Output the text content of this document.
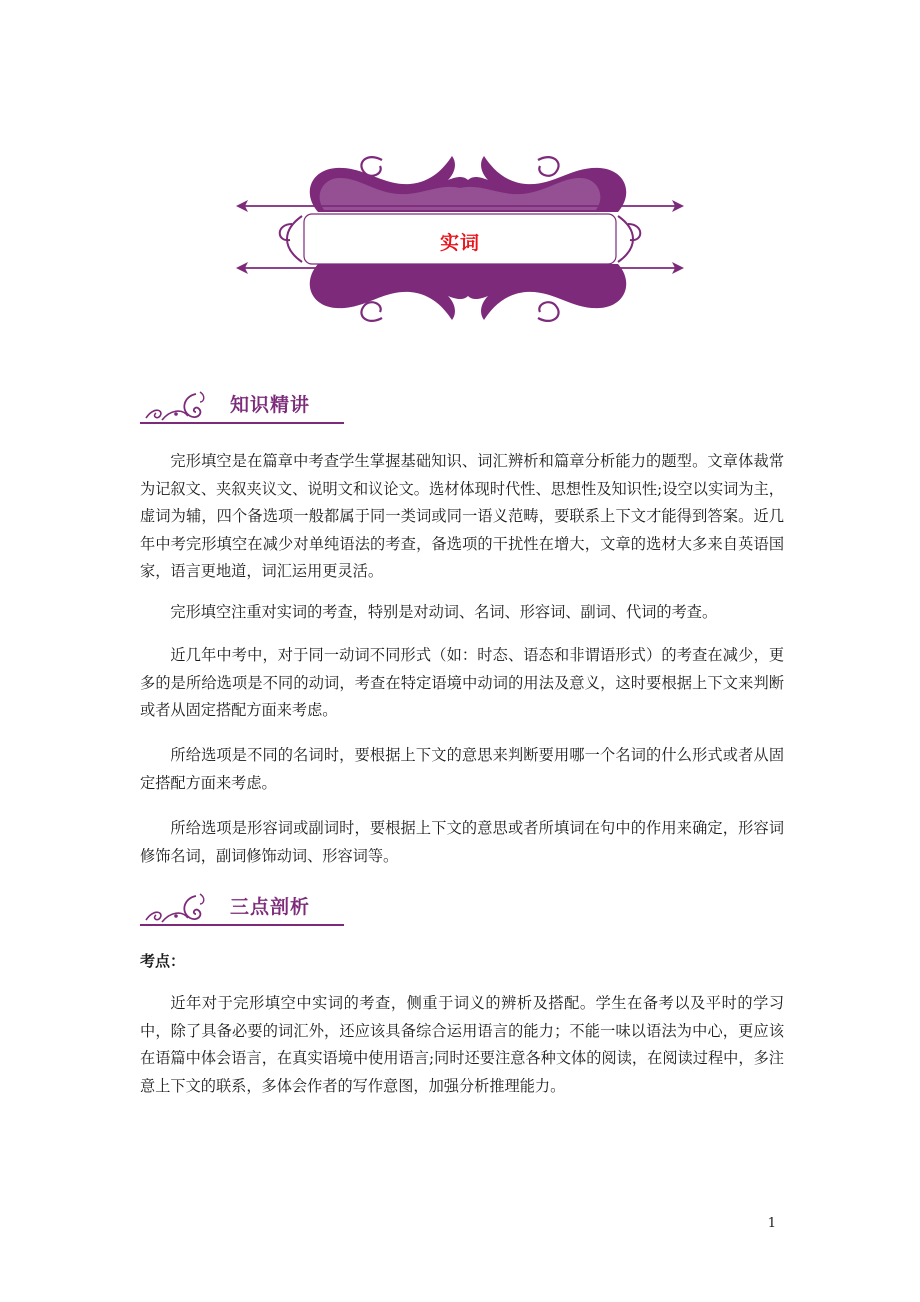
实词
知识精讲

完形填空是在篇章中考查学生掌握基础知识、词汇辨析和篇章分析能力的题型。文章体裁常为记叙文、夹叙夹议文、说明文和议论文。选材体现时代性、思想性及知识性;设空以实词为主，虚词为辅，四个备选项一般都属于同一类词或同一语义范畴，要联系上下文才能得到答案。近几年中考完形填空在减少对单纯语法的考查，备选项的干扰性在增大，文章的选材大多来自英语国家，语言更地道，词汇运用更灵活。

完形填空注重对实词的考查，特别是对动词、名词、形容词、副词、代词的考查。

近几年中考中，对于同一动词不同形式（如：时态、语态和非谓语形式）的考查在减少，更多的是所给选项是不同的动词，考查在特定语境中动词的用法及意义，这时要根据上下文来判断或者从固定搭配方面来考虑。

所给选项是不同的名词时，要根据上下文的意思来判断要用哪一个名词的什么形式或者从固定搭配方面来考虑。

所给选项是形容词或副词时，要根据上下文的意思或者所填词在句中的作用来确定，形容词修饰名词，副词修饰动词、形容词等。

三点剖析

考点：

近年对于完形填空中实词的考查，侧重于词义的辨析及搭配。学生在备考以及平时的学习中，除了具备必要的词汇外，还应该具备综合运用语言的能力；不能一味以语法为中心，更应该在语篇中体会语言，在真实语境中使用语言;同时还要注意各种文体的阅读，在阅读过程中，多注意上下文的联系，多体会作者的写作意图，加强分析推理能力。

1
